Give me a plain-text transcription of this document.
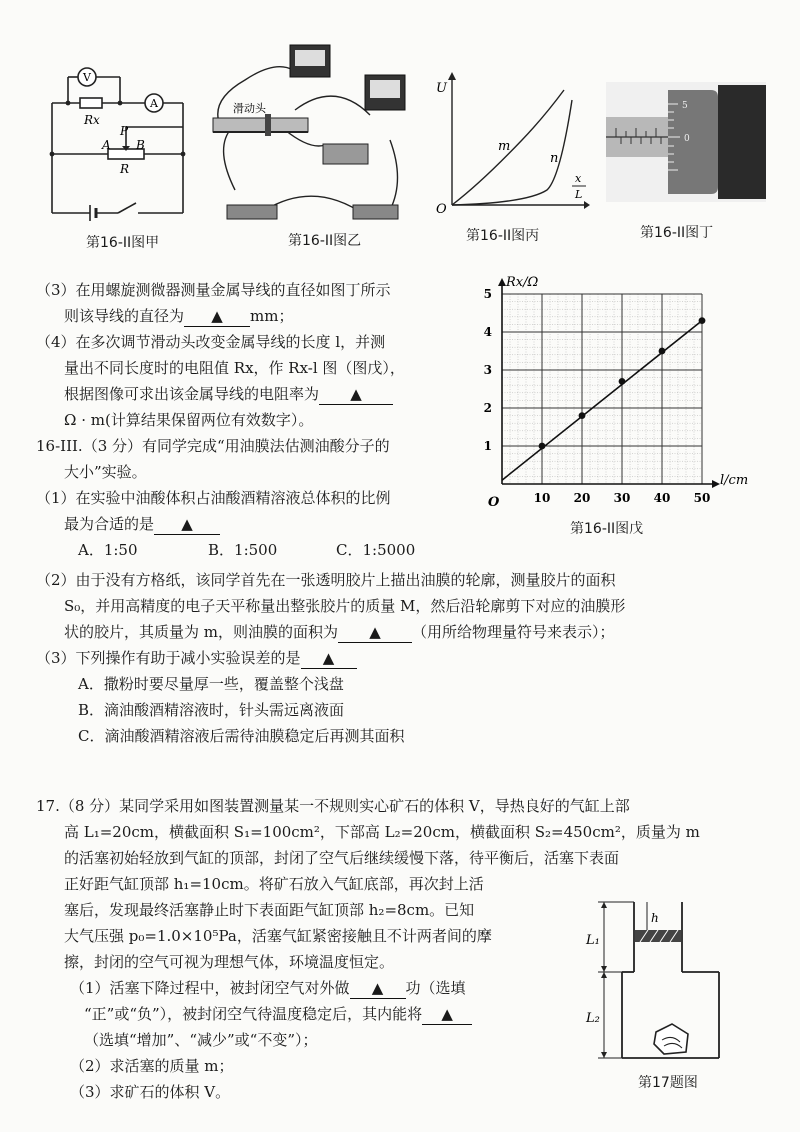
V
A
Rx
P
A B
R
第16-II图甲
滑动头
第16-II图乙
U
m
n
x
L
O
第16-II图丙
5
0
第16-II图丁
（3）在用螺旋测微器测量金属导线的直径如图丁所示
则该导线的直径为 ▲ mm；
（4）在多次调节滑动头改变金属导线的长度 l，并测
量出不同长度时的电阻值 Rx，作 Rx-l 图（图戊），
根据图像可求出该金属导线的电阻率为 ▲
Ω · m(计算结果保留两位有效数字）。
16-III.（3 分）有同学完成“用油膜法估测油酸分子的
大小”实验。
（1）在实验中油酸体积占油酸酒精溶液总体积的比例
最为合适的是 ▲
A．1:50	B．1:500	C．1:5000
（2）由于没有方格纸，该同学首先在一张透明胶片上描出油膜的轮廓，测量胶片的面积
S₀，并用高精度的电子天平称量出整张胶片的质量 M，然后沿轮廓剪下对应的油膜形
状的胶片，其质量为 m，则油膜的面积为 ▲ （用所给物理量符号来表示）；
（3）下列操作有助于减小实验误差的是 ▲
A．撒粉时要尽量厚一些，覆盖整个浅盘
B．滴油酸酒精溶液时，针头需远离液面
C．滴油酸酒精溶液后需待油膜稳定后再测其面积
10 20 30 40 50
1
2
3
4
5
Rx/Ω
l/cm
O
第16-II图戊
17.（8 分）某同学采用如图装置测量某一不规则实心矿石的体积 V，导热良好的气缸上部
高 L₁=20cm，横截面积 S₁=100cm²，下部高 L₂=20cm，横截面积 S₂=450cm²，质量为 m
的活塞初始轻放到气缸的顶部，封闭了空气后继续缓慢下落，待平衡后，活塞下表面
正好距气缸顶部 h₁=10cm。将矿石放入气缸底部，再次封上活
塞后，发现最终活塞静止时下表面距气缸顶部 h₂=8cm。已知
大气压强 p₀=1.0×10⁵Pa，活塞气缸紧密接触且不计两者间的摩
擦，封闭的空气可视为理想气体，环境温度恒定。
（1）活塞下降过程中，被封闭空气对外做 ▲ 功（选填
“正”或“负”），被封闭空气待温度稳定后，其内能将 ▲
（选填“增加”、“减少”或“不变”）；
（2）求活塞的质量 m；
（3）求矿石的体积 V。
L₁
L₂
h
第17题图
